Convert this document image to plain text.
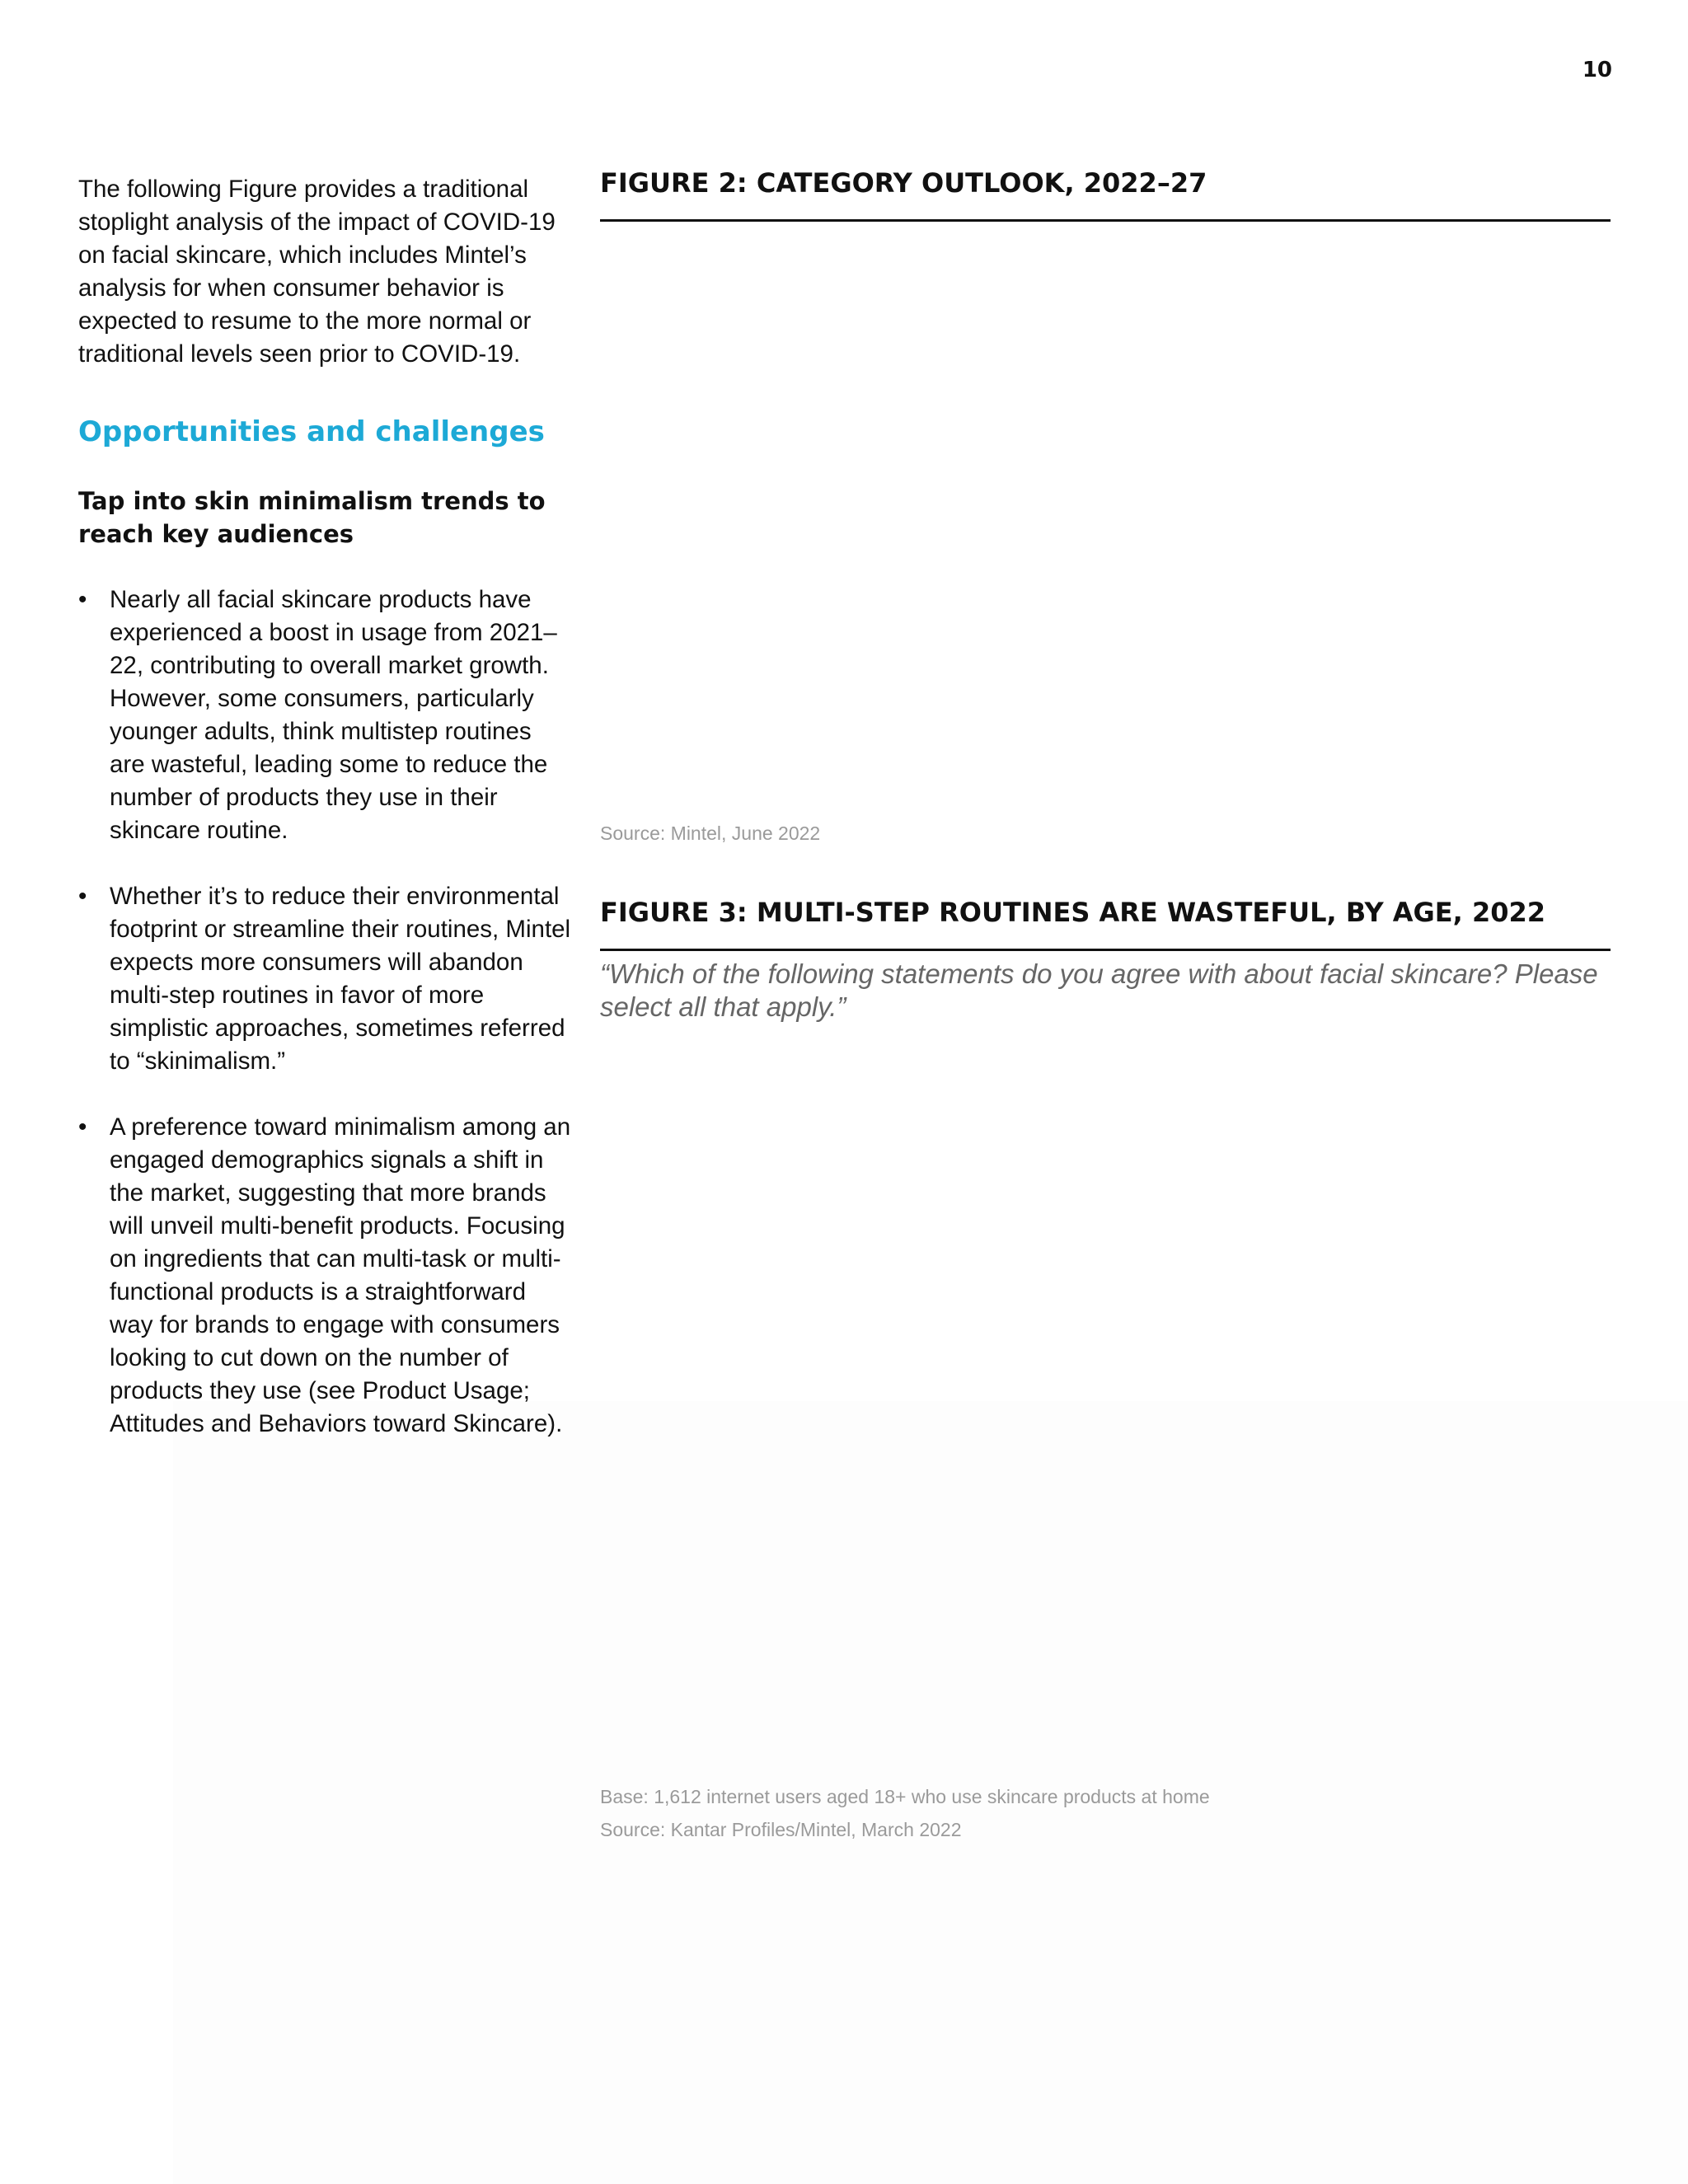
10

The following Figure provides a traditional stoplight analysis of the impact of COVID-19 on facial skincare, which includes Mintel’s analysis for when consumer behavior is expected to resume to the more normal or traditional levels seen prior to COVID-19.

Opportunities and challenges
Tap into skin minimalism trends to reach key audiences
• Nearly all facial skincare products have experienced a boost in usage from 2021–22, contributing to overall market growth. However, some consumers, particularly younger adults, think multistep routines are wasteful, leading some to reduce the number of products they use in their skincare routine.
• Whether it’s to reduce their environmental footprint or streamline their routines, Mintel expects more consumers will abandon multi-step routines in favor of more simplistic approaches, sometimes referred to “skinimalism.”
• A preference toward minimalism among an engaged demographics signals a shift in the market, suggesting that more brands will unveil multi-benefit products. Focusing on ingredients that can multi-task or multi-functional products is a straightforward way for brands to engage with consumers looking to cut down on the number of products they use (see Product Usage; Attitudes and Behaviors toward Skincare).
FIGURE 2: CATEGORY OUTLOOK, 2022–27

Source: Mintel, June 2022

FIGURE 3: MULTI-STEP ROUTINES ARE WASTEFUL, BY AGE, 2022

“Which of the following statements do you agree with about facial skincare? Please select all that apply.”

Base: 1,612 internet users aged 18+ who use skincare products at home

Source: Kantar Profiles/Mintel, March 2022
